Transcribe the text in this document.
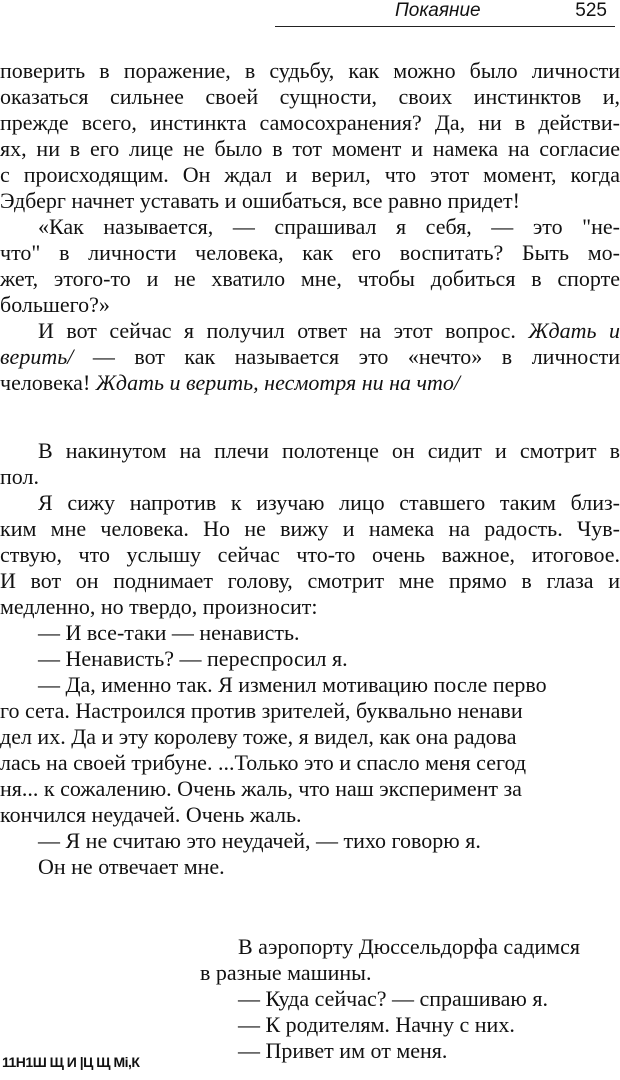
Покаяние	525
поверить в поражение, в судьбу, как можно было личности
оказаться сильнее своей сущности, своих инстинктов и,
прежде всего, инстинкта самосохранения? Да, ни в действи-
ях, ни в его лице не было в тот момент и намека на согласие
с происходящим. Он ждал и верил, что этот момент, когда
Эдберг начнет уставать и ошибаться, все равно придет!
«Как называется, — спрашивал я себя, — это "не-
что" в личности человека, как его воспитать? Быть мо-
жет, этого-то и не хватило мне, чтобы добиться в спорте
большего?»
И вот сейчас я получил ответ на этот вопрос. Ждать и
верить/ — вот как называется это «нечто» в личности
человека! Ждать и верить, несмотря ни на что/
В накинутом на плечи полотенце он сидит и смотрит в
пол.
Я сижу напротив к изучаю лицо ставшего таким близ-
ким мне человека. Но не вижу и намека на радость. Чув-
ствую, что услышу сейчас что-то очень важное, итоговое.
И вот он поднимает голову, смотрит мне прямо в глаза и
медленно, но твердо, произносит:
— И все-таки — ненависть.
— Ненависть? — переспросил я.
— Да, именно так. Я изменил мотивацию после перво
го сета. Настроился против зрителей, буквально ненави
дел их. Да и эту королеву тоже, я видел, как она радова
лась на своей трибуне. ...Только это и спасло меня сегод
ня... к сожалению. Очень жаль, что наш эксперимент за
кончился неудачей. Очень жаль.
— Я не считаю это неудачей, — тихо говорю я.
Он не отвечает мне.
В аэропорту Дюссельдорфа садимся
в разные машины.
— Куда сейчас? — спрашиваю я.
— К родителям. Начну с них.
— Привет им от меня.
11Н1Ш Щ И |Ц Щ Мі,К
